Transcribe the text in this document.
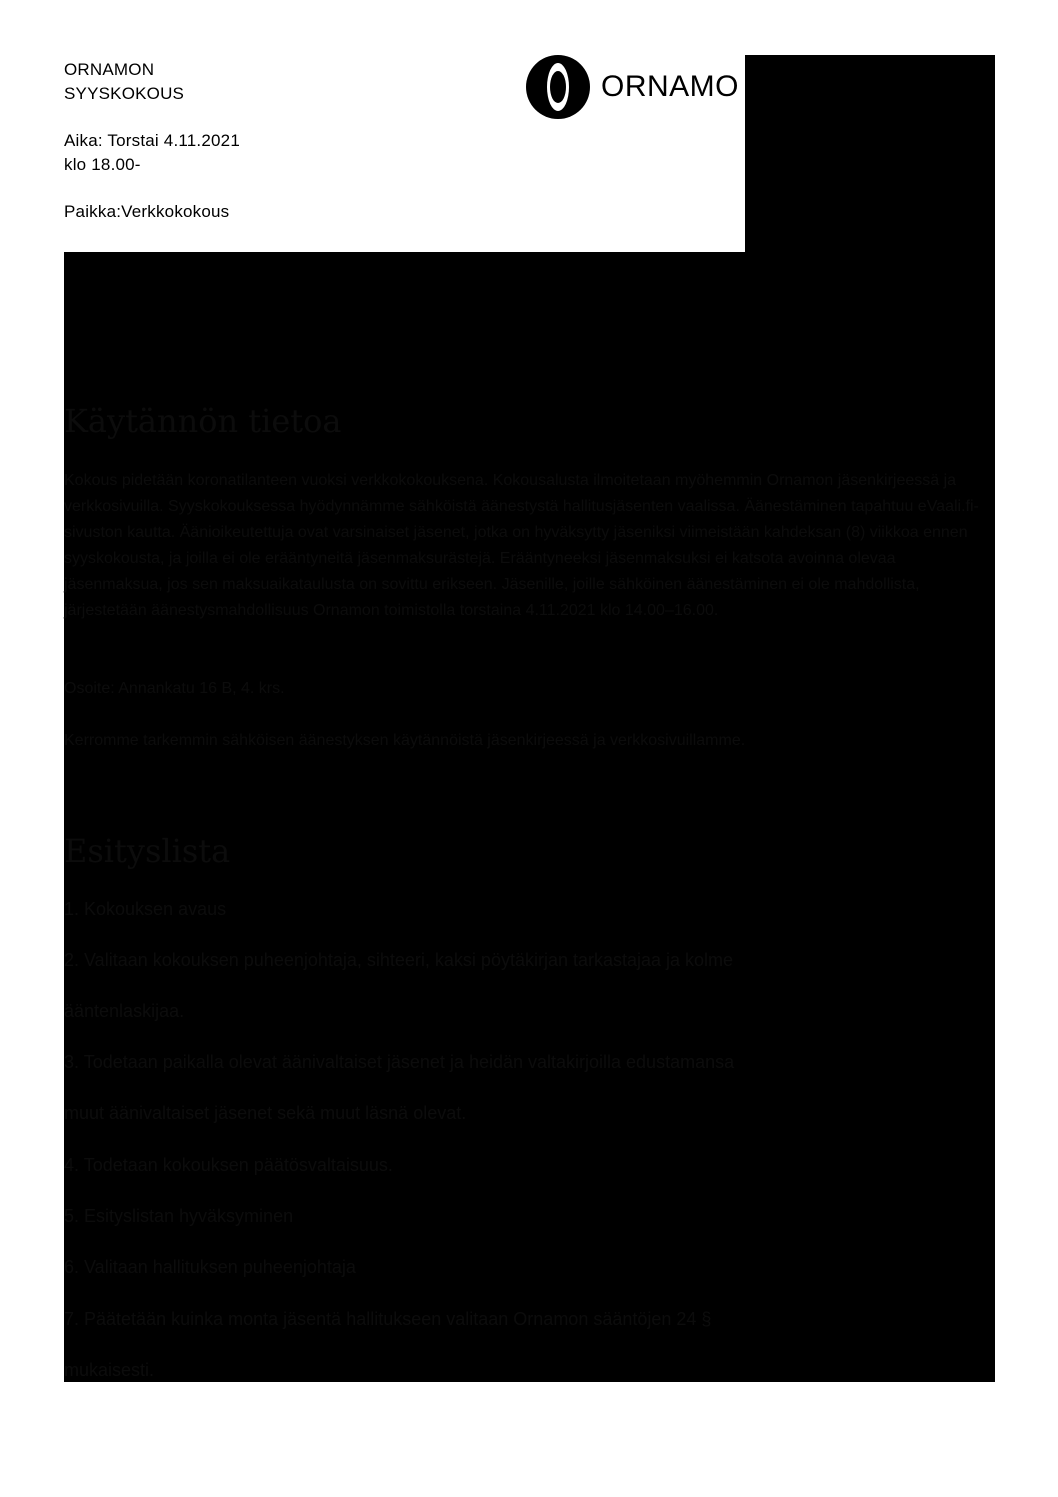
ORNAMON
SYYSKOKOUS
Aika: Torstai 4.11.2021
klo 18.00-
Paikka:Verkkokokous
ORNAMO
Käytännön tietoa

Kokous pidetään koronatilanteen vuoksi verkkokokouksena. Kokousalusta ilmoitetaan myöhemmin Ornamon jäsenkirjeessä ja verkkosivuilla. Syyskokouksessa hyödynnämme sähköistä äänestystä hallitusjäsenten vaalissa. Äänestäminen tapahtuu eVaali.fi-sivuston kautta. Äänioikeutettuja ovat varsinaiset jäsenet, jotka on hyväksytty jäseniksi viimeistään kahdeksan (8) viikkoa ennen syyskokousta, ja joilla ei ole erääntyneitä jäsenmaksurästejä. Erääntyneeksi jäsenmaksuksi ei katsota avoinna olevaa jäsenmaksua, jos sen maksuaikataulusta on sovittu erikseen. Jäsenille, joille sähköinen äänestäminen ei ole mahdollista, järjestetään äänestysmahdollisuus Ornamon toimistolla torstaina 4.11.2021 klo 14.00–16.00.

Osoite: Annankatu 16 B, 4. krs.

Kerromme tarkemmin sähköisen äänestyksen käytännöistä jäsenkirjeessä ja verkkosivuillamme.

Esityslista
1. Kokouksen avaus
2. Valitaan kokouksen puheenjohtaja, sihteeri, kaksi pöytäkirjan tarkastajaa ja kolme
ääntenlaskijaa.
3. Todetaan paikalla olevat äänivaltaiset jäsenet ja heidän valtakirjoilla edustamansa
muut äänivaltaiset jäsenet sekä muut läsnä olevat.
4. Todetaan kokouksen päätösvaltaisuus.
5. Esityslistan hyväksyminen
6. Valitaan hallituksen puheenjohtaja
7. Päätetään kuinka monta jäsentä hallitukseen valitaan Ornamon sääntöjen 24 §
mukaisesti.
